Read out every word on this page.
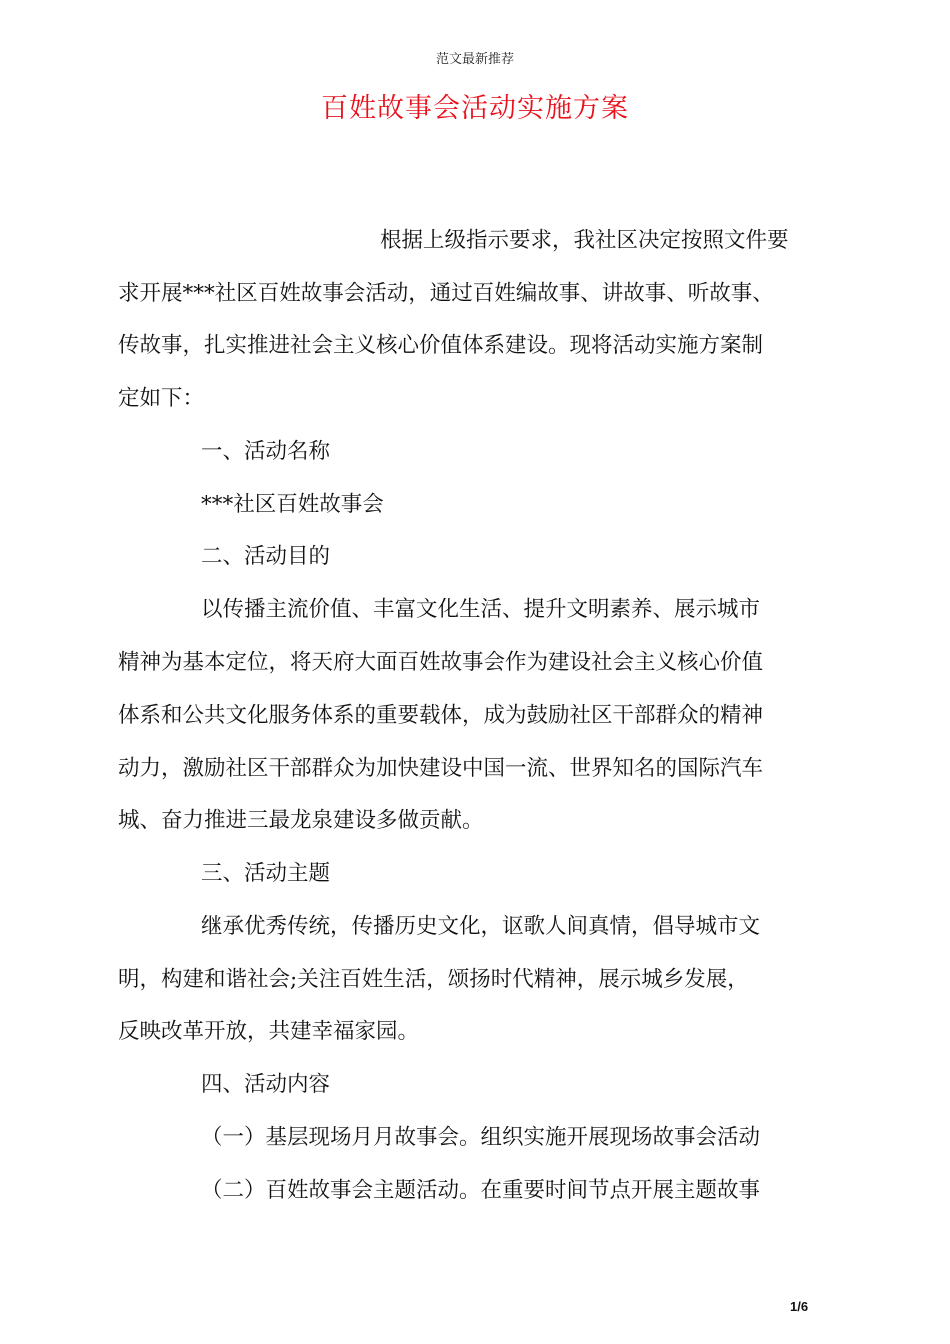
范文最新推荐
百姓故事会活动实施方案
根据上级指示要求，我社区决定按照文件要
求开展***社区百姓故事会活动，通过百姓编故事、讲故事、听故事、
传故事，扎实推进社会主义核心价值体系建设。现将活动实施方案制
定如下：
一、活动名称
***社区百姓故事会
二、活动目的
以传播主流价值、丰富文化生活、提升文明素养、展示城市
精神为基本定位，将天府大面百姓故事会作为建设社会主义核心价值
体系和公共文化服务体系的重要载体，成为鼓励社区干部群众的精神
动力，激励社区干部群众为加快建设中国一流、世界知名的国际汽车
城、奋力推进三最龙泉建设多做贡献。
三、活动主题
继承优秀传统，传播历史文化，讴歌人间真情，倡导城市文
明，构建和谐社会;关注百姓生活，颂扬时代精神，展示城乡发展，
反映改革开放，共建幸福家园。
四、活动内容
（一）基层现场月月故事会。组织实施开展现场故事会活动
（二）百姓故事会主题活动。在重要时间节点开展主题故事
1/6
